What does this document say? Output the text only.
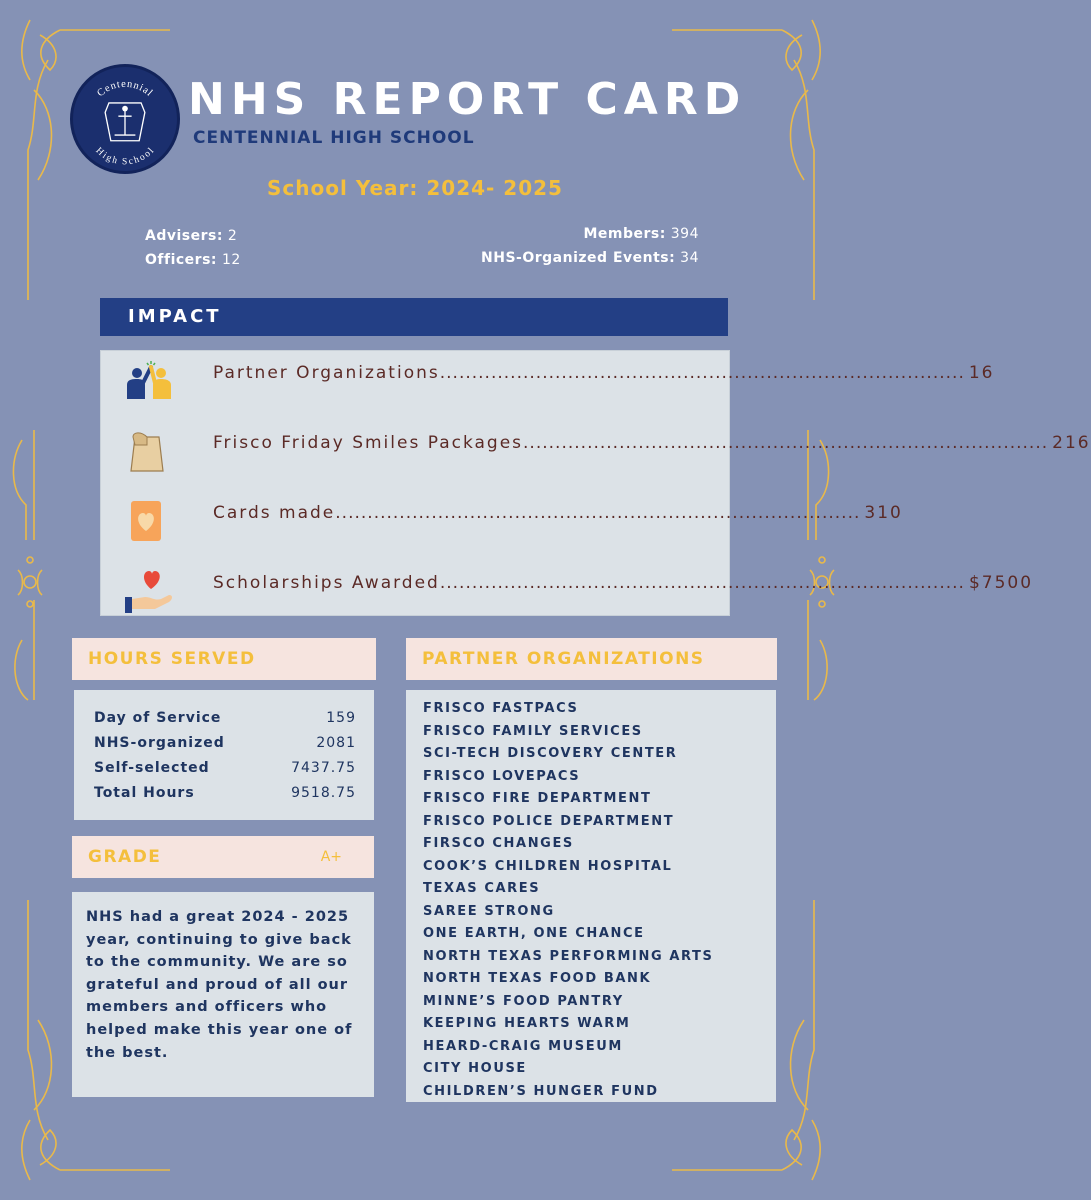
Centennial
High School
NHS REPORT CARD
CENTENNIAL HIGH SCHOOL
School Year: 2024- 2025
Advisers: 2
Officers: 12
Members: 394
NHS-Organized Events: 34
IMPACT
Partner Organizations .................................................................................. 16
Frisco Friday Smiles Packages .................................................................................. 216
Cards made .................................................................................. 310
Scholarships Awarded .................................................................................. $7500
HOURS SERVED
Day of Service	159
NHS-organized	2081
Self-selected	7437.75
Total Hours	9518.75
GRADE	A+
NHS had a great 2024 - 2025 year, continuing to give back to the community. We are so grateful and proud of all our members and officers who helped make this year one of the best.
PARTNER ORGANIZATIONS
FRISCO FASTPACS
FRISCO FAMILY SERVICES
SCI-TECH DISCOVERY CENTER
FRISCO LOVEPACS
FRISCO FIRE DEPARTMENT
FRISCO POLICE DEPARTMENT
FIRSCO CHANGES
COOK’S CHILDREN HOSPITAL
TEXAS CARES
SAREE STRONG
ONE EARTH, ONE CHANCE
NORTH TEXAS PERFORMING ARTS
NORTH TEXAS FOOD BANK
MINNE’S FOOD PANTRY
KEEPING HEARTS WARM
HEARD-CRAIG MUSEUM
CITY HOUSE
CHILDREN’S HUNGER FUND
